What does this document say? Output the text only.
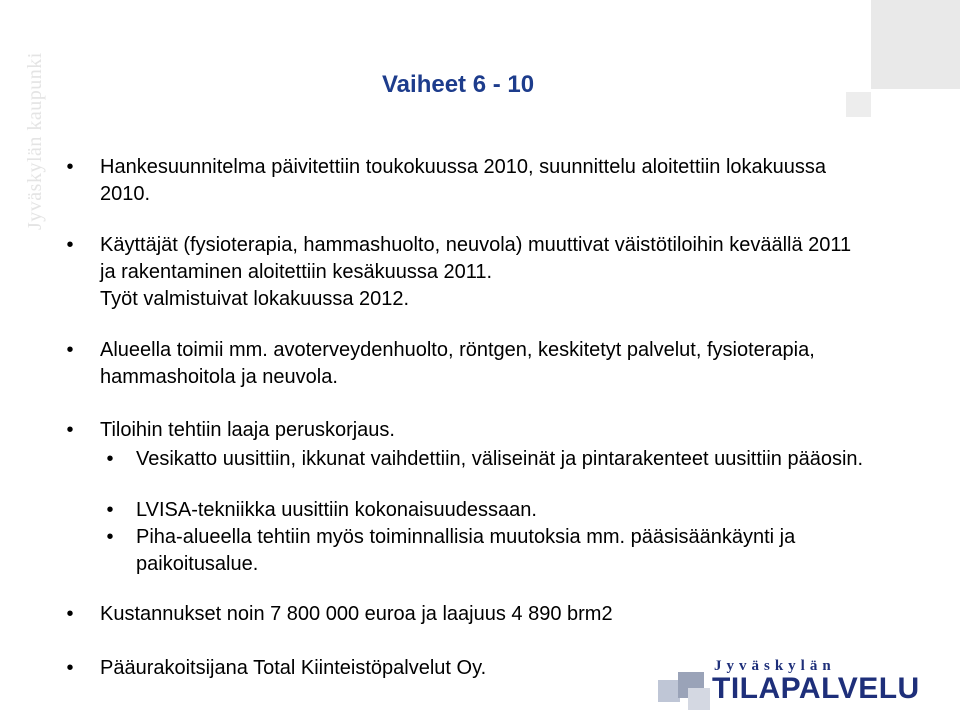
Jyväskylän kaupunki	Vaiheet 6 - 10
• Hankesuunnitelma päivitettiin toukokuussa 2010, suunnittelu aloitettiin lokakuussa 2010.
• Käyttäjät (fysioterapia, hammashuolto, neuvola) muuttivat väistötiloihin keväällä 2011 ja rakentaminen aloitettiin kesäkuussa 2011.
Työt valmistuivat lokakuussa 2012.
• Alueella toimii mm. avoterveydenhuolto, röntgen, keskitetyt palvelut, fysioterapia, hammashoitola ja neuvola.
• Tiloihin tehtiin laaja peruskorjaus.
• Vesikatto uusittiin, ikkunat vaihdettiin, väliseinät ja pintarakenteet uusittiin pääosin.
• LVISA-tekniikka uusittiin kokonaisuudessaan.
• Piha-alueella tehtiin myös toiminnallisia muutoksia mm. pääsisäänkäynti ja paikoitusalue.
• Kustannukset noin 7 800 000 euroa ja laajuus 4 890 brm2
• Pääurakoitsijana Total Kiinteistöpalvelut Oy.	Jyväskylän
TILAPALVELU
